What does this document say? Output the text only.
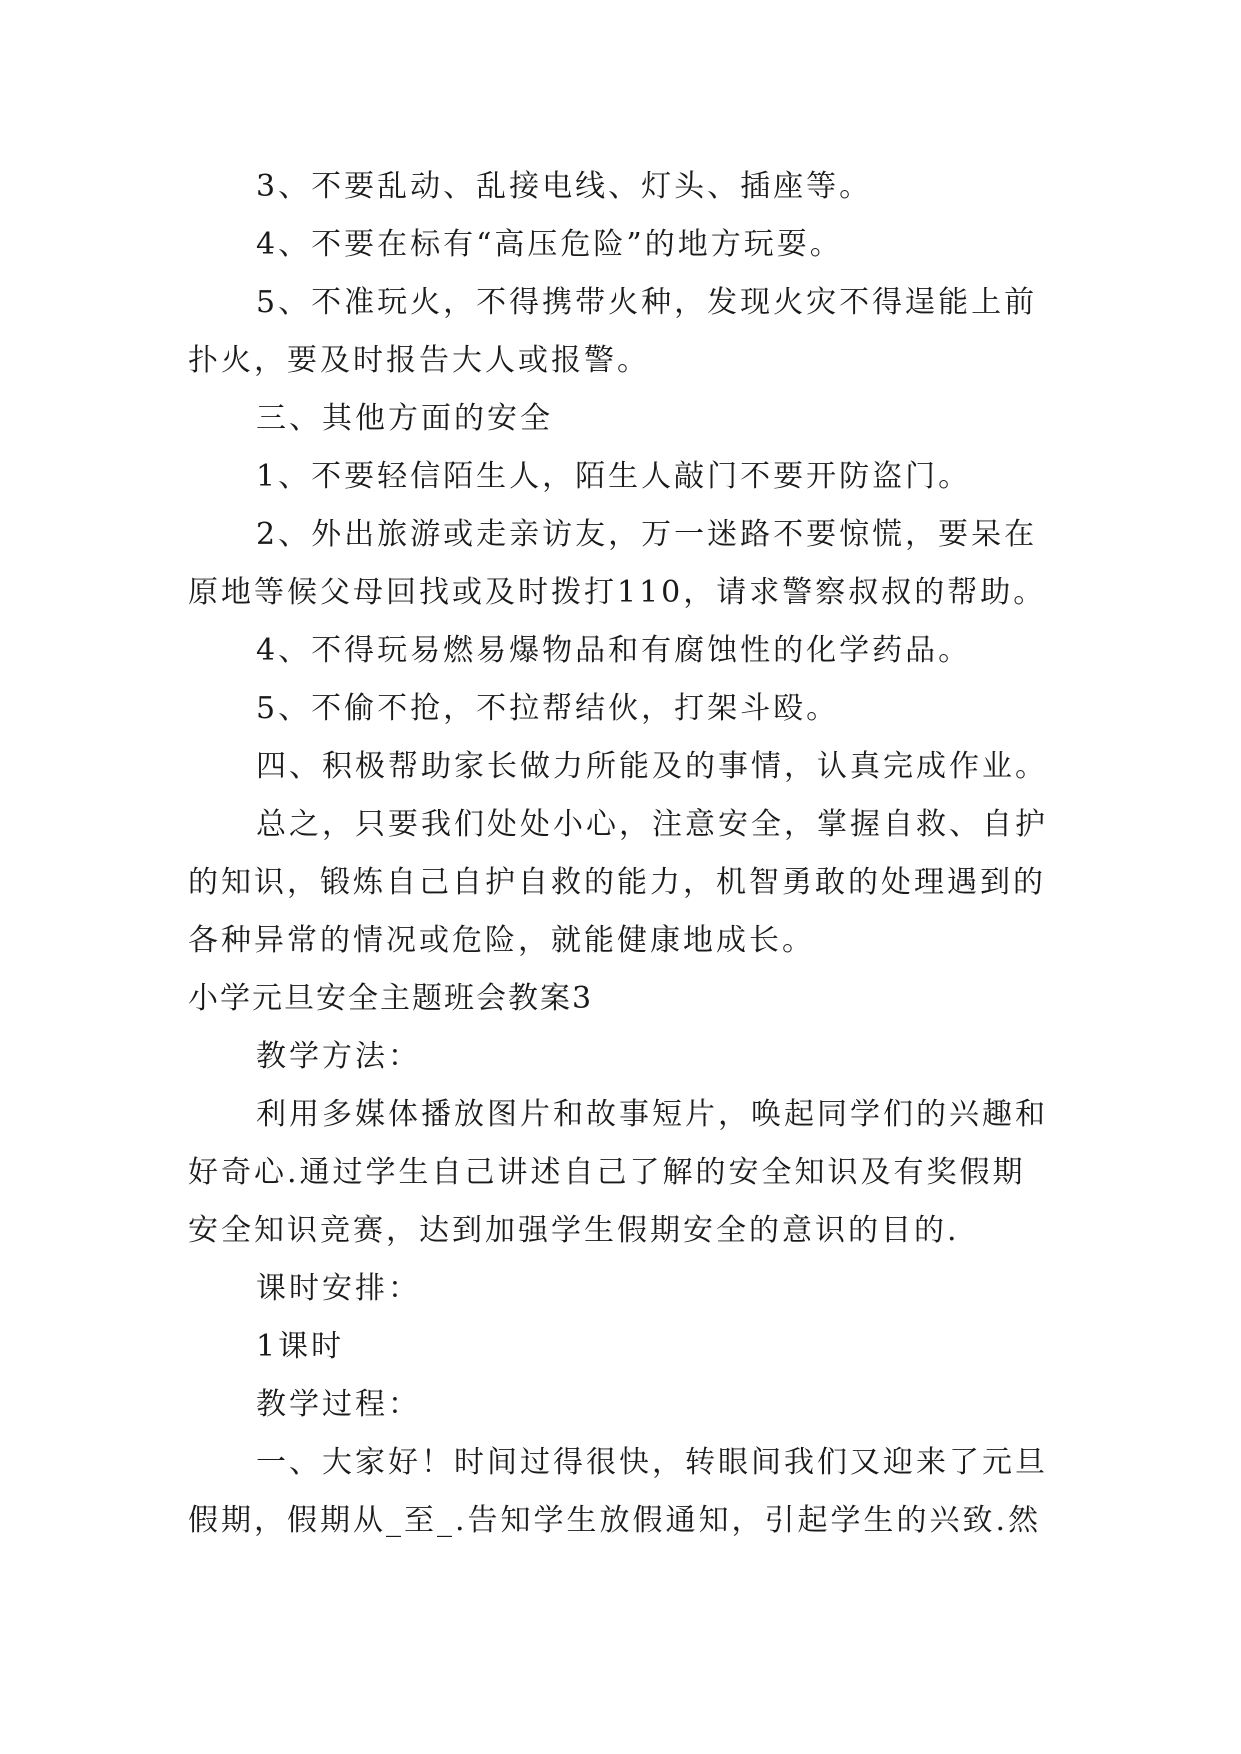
3、不要乱动、乱接电线、灯头、插座等。
4、不要在标有“高压危险”的地方玩耍。
5、不准玩火，不得携带火种，发现火灾不得逞能上前
扑火，要及时报告大人或报警。
三、其他方面的安全
1、不要轻信陌生人，陌生人敲门不要开防盗门。
2、外出旅游或走亲访友，万一迷路不要惊慌，要呆在
原地等候父母回找或及时拨打110，请求警察叔叔的帮助。
4、不得玩易燃易爆物品和有腐蚀性的化学药品。
5、不偷不抢，不拉帮结伙，打架斗殴。
四、积极帮助家长做力所能及的事情，认真完成作业。
总之，只要我们处处小心，注意安全，掌握自救、自护
的知识，锻炼自己自护自救的能力，机智勇敢的处理遇到的
各种异常的情况或危险，就能健康地成长。
小学元旦安全主题班会教案3
教学方法：
利用多媒体播放图片和故事短片，唤起同学们的兴趣和
好奇心.通过学生自己讲述自己了解的安全知识及有奖假期
安全知识竞赛，达到加强学生假期安全的意识的目的.
课时安排：
1课时
教学过程：
一、大家好！时间过得很快，转眼间我们又迎来了元旦
假期，假期从_至_.告知学生放假通知，引起学生的兴致.然
